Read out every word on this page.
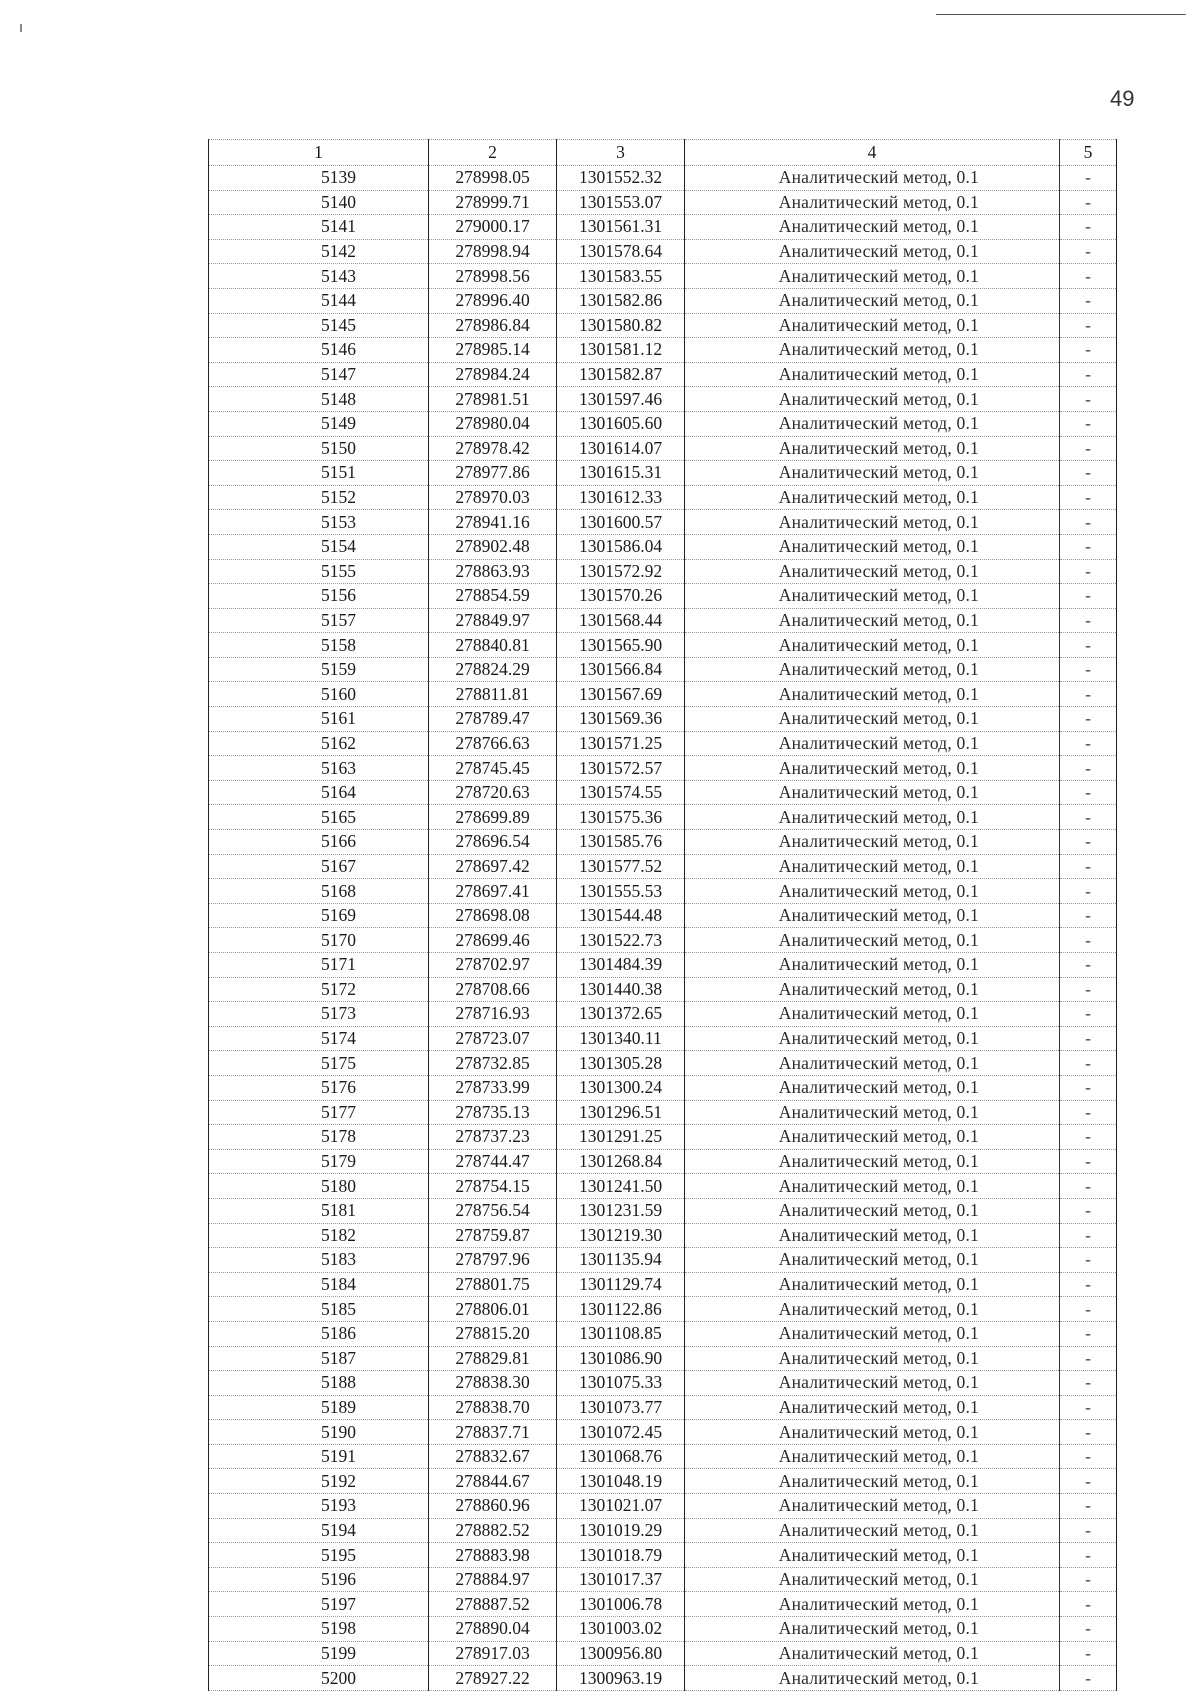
49
1	2	3	4	5
5139	278998.05	1301552.32	Аналитический метод, 0.1	-
5140	278999.71	1301553.07	Аналитический метод, 0.1	-
5141	279000.17	1301561.31	Аналитический метод, 0.1	-
5142	278998.94	1301578.64	Аналитический метод, 0.1	-
5143	278998.56	1301583.55	Аналитический метод, 0.1	-
5144	278996.40	1301582.86	Аналитический метод, 0.1	-
5145	278986.84	1301580.82	Аналитический метод, 0.1	-
5146	278985.14	1301581.12	Аналитический метод, 0.1	-
5147	278984.24	1301582.87	Аналитический метод, 0.1	-
5148	278981.51	1301597.46	Аналитический метод, 0.1	-
5149	278980.04	1301605.60	Аналитический метод, 0.1	-
5150	278978.42	1301614.07	Аналитический метод, 0.1	-
5151	278977.86	1301615.31	Аналитический метод, 0.1	-
5152	278970.03	1301612.33	Аналитический метод, 0.1	-
5153	278941.16	1301600.57	Аналитический метод, 0.1	-
5154	278902.48	1301586.04	Аналитический метод, 0.1	-
5155	278863.93	1301572.92	Аналитический метод, 0.1	-
5156	278854.59	1301570.26	Аналитический метод, 0.1	-
5157	278849.97	1301568.44	Аналитический метод, 0.1	-
5158	278840.81	1301565.90	Аналитический метод, 0.1	-
5159	278824.29	1301566.84	Аналитический метод, 0.1	-
5160	278811.81	1301567.69	Аналитический метод, 0.1	-
5161	278789.47	1301569.36	Аналитический метод, 0.1	-
5162	278766.63	1301571.25	Аналитический метод, 0.1	-
5163	278745.45	1301572.57	Аналитический метод, 0.1	-
5164	278720.63	1301574.55	Аналитический метод, 0.1	-
5165	278699.89	1301575.36	Аналитический метод, 0.1	-
5166	278696.54	1301585.76	Аналитический метод, 0.1	-
5167	278697.42	1301577.52	Аналитический метод, 0.1	-
5168	278697.41	1301555.53	Аналитический метод, 0.1	-
5169	278698.08	1301544.48	Аналитический метод, 0.1	-
5170	278699.46	1301522.73	Аналитический метод, 0.1	-
5171	278702.97	1301484.39	Аналитический метод, 0.1	-
5172	278708.66	1301440.38	Аналитический метод, 0.1	-
5173	278716.93	1301372.65	Аналитический метод, 0.1	-
5174	278723.07	1301340.11	Аналитический метод, 0.1	-
5175	278732.85	1301305.28	Аналитический метод, 0.1	-
5176	278733.99	1301300.24	Аналитический метод, 0.1	-
5177	278735.13	1301296.51	Аналитический метод, 0.1	-
5178	278737.23	1301291.25	Аналитический метод, 0.1	-
5179	278744.47	1301268.84	Аналитический метод, 0.1	-
5180	278754.15	1301241.50	Аналитический метод, 0.1	-
5181	278756.54	1301231.59	Аналитический метод, 0.1	-
5182	278759.87	1301219.30	Аналитический метод, 0.1	-
5183	278797.96	1301135.94	Аналитический метод, 0.1	-
5184	278801.75	1301129.74	Аналитический метод, 0.1	-
5185	278806.01	1301122.86	Аналитический метод, 0.1	-
5186	278815.20	1301108.85	Аналитический метод, 0.1	-
5187	278829.81	1301086.90	Аналитический метод, 0.1	-
5188	278838.30	1301075.33	Аналитический метод, 0.1	-
5189	278838.70	1301073.77	Аналитический метод, 0.1	-
5190	278837.71	1301072.45	Аналитический метод, 0.1	-
5191	278832.67	1301068.76	Аналитический метод, 0.1	-
5192	278844.67	1301048.19	Аналитический метод, 0.1	-
5193	278860.96	1301021.07	Аналитический метод, 0.1	-
5194	278882.52	1301019.29	Аналитический метод, 0.1	-
5195	278883.98	1301018.79	Аналитический метод, 0.1	-
5196	278884.97	1301017.37	Аналитический метод, 0.1	-
5197	278887.52	1301006.78	Аналитический метод, 0.1	-
5198	278890.04	1301003.02	Аналитический метод, 0.1	-
5199	278917.03	1300956.80	Аналитический метод, 0.1	-
5200	278927.22	1300963.19	Аналитический метод, 0.1	-
